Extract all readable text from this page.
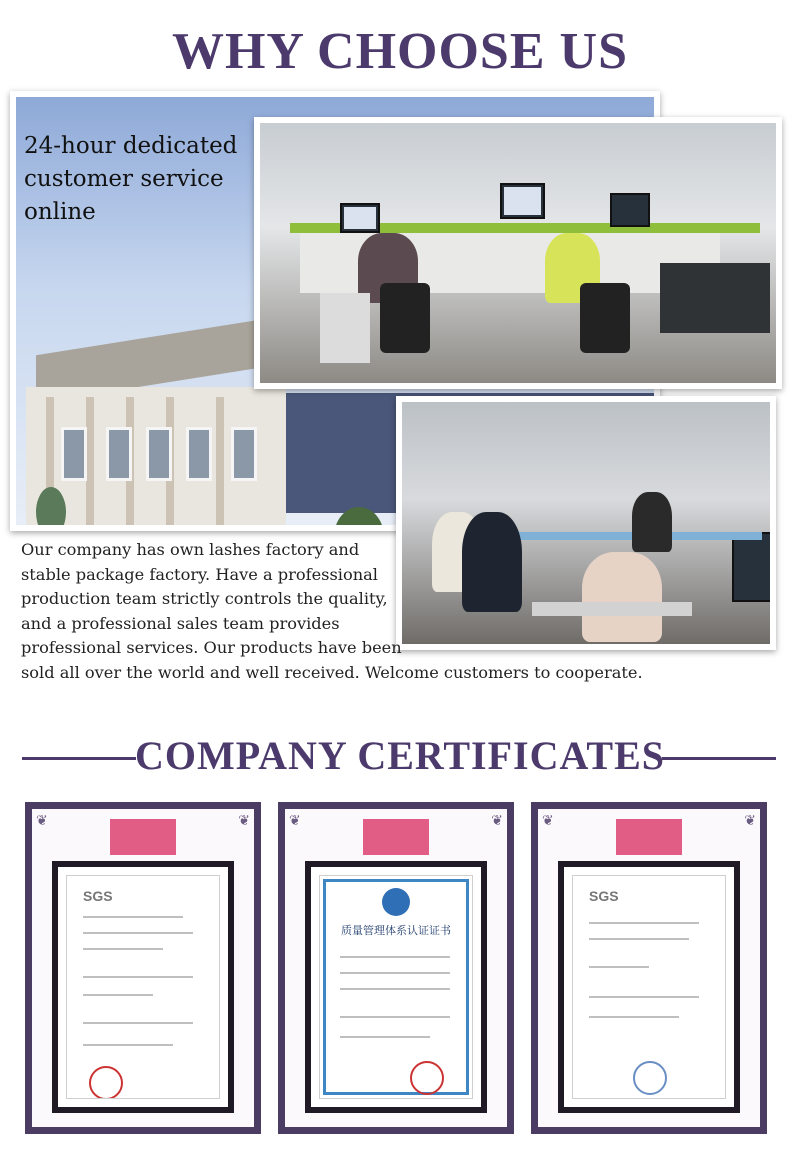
WHY CHOOSE US
24-hour dedicated
customer service
online
Our company has own lashes factory and
stable package factory. Have a professional
production team strictly controls the quality,
and a professional sales team provides
professional services. Our products have been
sold all over the world and well received. Welcome customers to cooperate.
COMPANY CERTIFICATES
❦	❦
SGS
❦	❦
质量管理体系认证证书
❦	❦
SGS
